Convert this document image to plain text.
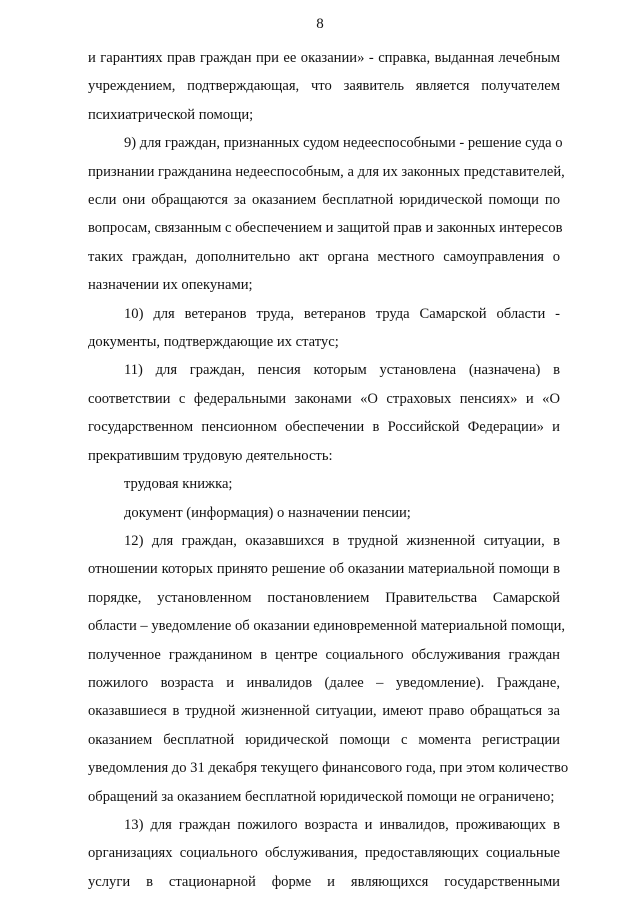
8
и гарантиях прав граждан при ее оказании» - справка, выданная лечебным
учреждением, подтверждающая, что заявитель является получателем
психиатрической помощи;
9) для граждан, признанных судом недееспособными - решение суда о
признании гражданина недееспособным, а для их законных представителей,
если они обращаются за оказанием бесплатной юридической помощи по
вопросам, связанным с обеспечением и защитой прав и законных интересов
таких граждан, дополнительно акт органа местного самоуправления о
назначении их опекунами;
10) для ветеранов труда, ветеранов труда Самарской области -
документы, подтверждающие их статус;
11) для граждан, пенсия которым установлена (назначена) в
соответствии с федеральными законами «О страховых пенсиях» и «О
государственном пенсионном обеспечении в Российской Федерации» и
прекратившим трудовую деятельность:
трудовая книжка;
документ (информация) о назначении пенсии;
12) для граждан, оказавшихся в трудной жизненной ситуации, в
отношении которых принято решение об оказании материальной помощи в
порядке, установленном постановлением Правительства Самарской
области – уведомление об оказании единовременной материальной помощи,
полученное гражданином в центре социального обслуживания граждан
пожилого возраста и инвалидов (далее – уведомление). Граждане,
оказавшиеся в трудной жизненной ситуации, имеют право обращаться за
оказанием бесплатной юридической помощи с момента регистрации
уведомления до 31 декабря текущего финансового года, при этом количество
обращений за оказанием бесплатной юридической помощи не ограничено;
13) для граждан пожилого возраста и инвалидов, проживающих в
организациях социального обслуживания, предоставляющих социальные
услуги в стационарной форме и являющихся государственными
